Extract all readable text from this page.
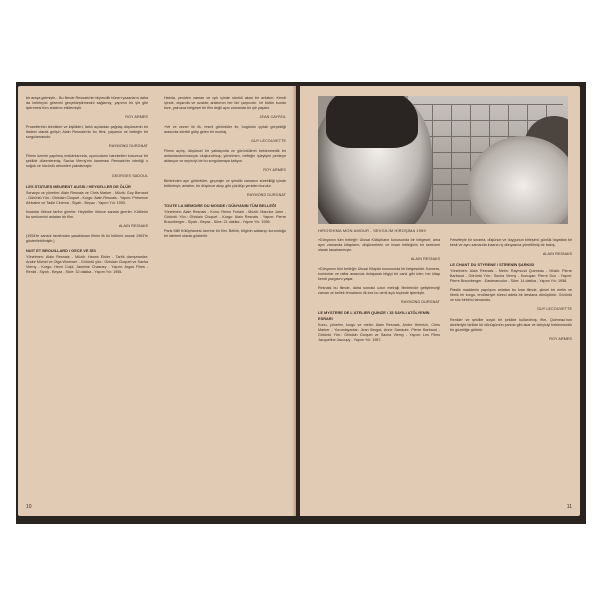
bir araya gelmiştir... Bu filmde Resnais'nin biçimcilik hüneri yazarların daha da belirleyici görevini gerçekleştirmesini sağlamış, yapının bir şiir gibi işlenmesi tüm anlatımı etkilemiştir.

ROY ARMES

Prosetlerinin teknikleri ve kişilikleri, farklı açılardan çağdaş düşüncenin bir ifadesi olarak gelişir; Alain Resnais'nin bu filmi, yaşamın ve belleğin bir sorgulamasıdır.

RAYMOND DURGNAT

Filmin özenle yapılmış mekânlarında, oyuncuların hareketleri kusursuz bir şekilde düzenlenmiş; Sacha Vierny'nin kamerası Resnais'nin istediği o soğuk ve hüzünlü atmosferi yakalamıştır.

GEORGES SADOUL
LES STATUES MEURENT AUSSI / HEYKELLER DE ÖLÜR

Senaryo ve yönetim: Alain Resnais ve Chris Marker - Müzik: Guy Bernard - Görüntü Yön.: Ghislain Cloquet - Kurgu: Alain Resnais - Yapım: Présence Africaine ve Tadié Cinéma - Siyah - Beyaz - Yapım Yılı: 1953.

İnsanlar ölünce tarihe girerler. Heykeller ölünce sanata girerler. Kültürün bu serüvenini anlatan bir film.

ALAIN RESNAIS

(1954'te sansür tarafından yasaklanan filmin ilk iki bölümü ancak 1963'te gösterilebilmiştir.)

NUIT ET BROUILLARD / GECE VE SİS

Yönetmen: Alain Resnais - Müzik: Hanns Eisler - Tarihi danışmanlar: Andre Michel ve Olga Wormser - Görüntü yön.: Ghislain Cloquet ve Sacha Vierny - Kurgu: Henri Colpi, Jasmine Chasney - Yapım: Argos Films - Renkli - Siyah - Beyaz - Süre: 32 dakika - Yapım Yılı: 1955.

Hatırla, yeniden zaman ve ışık içinde sürekli akan bir anlatım; Kendi içinde, dışarıda ve uzakta; anlatımın her biri çarpıcıdır. Ve bütün bunlar bize, yalnızca belgesel bir film değil aynı zamanda bir şiir yaşatır.

JEAN CAYROL

«Ve ve ceza» ile ilk, resmi görüntüler ile, bugünün çıplak gerçekliği arasında sürekli gidip gelen bir montaj.

GUY LECOUVETTE

Filmin açılış, düşünsel bir yaklaşımla ve görüntülerin beklenmedik bir anlamlandırılmasıyla oluşturulmuş; yönetmen, belleğin işleyişini perdeye aktarıyor ve seyirciyi de bu sorgulamaya katıyor.

ROY ARMES

Birbirinden ayrı görüntüler, geçmişin ve şimdiki zamanın sürekliliği içinde bütünleşir; anlatım, bir düşünce akışı gibi çözülüp yeniden kurulur.

RAYMOND DURGNAT
TOUTE LA MEMOIRE DU MONDE / DÜNYANIN TÜM BELLEĞİ

Yönetmen: Alain Resnais - Konu: Remo Forlani - Müzik: Maurice Jarre - Görüntü Yön.: Ghislain Cloquet - Kurgu: Alain Resnais - Yapım: Pierre Braunberger - Siyah - Beyaz - Süre: 21 dakika - Yapım Yılı: 1956.

Paris Milli Kütüphanesi üzerine bir film. Bellek, bilginin saklanıp korunduğu bir labirent olarak gösterilir.

10
HIROSHIMA MON AMOUR - SEVGİLİM HİROŞİMA 1959

«Dünyanın tüm belleği» Ulusal Kütüphane konusunda bir belgesel; ama aynı zamanda kitapların, düşüncelerin ve insan belleğinin bir serüveni olarak tasarlanmıştır.

ALAIN RESNAIS

«Dünyanın tüm belleği» Ulusal Kitaplık konusunda bir belgeseldir. Kamera, koridorlar ve raflar arasında dolaşarak bilgiyi bir canlı gibi izler; her kitap kendi yazgısını yaşar.

Resnais bu filmde, daha sonraki uzun metrajlı filmlerinde geliştireceği zaman ve bellek temalarını ilk kez bu denli açık biçimde işlemiştir.

RAYMOND DURGNAT
LE MYSTERE DE L'ATELIER QUINZE / 15 SAYILI ATÖLYENİN ESRARI

Konu, yönetim, kurgu ve metin: Alain Resnais, Andre Heinrich, Chris Marker - Yorumlayanlar: Jean Brugot, Anne Sarraute, Pierre Barbaud - Görüntü Yön.: Ghislain Cloquet ve Sacha Vierny - Yapım: Les Films Jacqueline Jacoupy - Yapım Yılı: 1957.

Felsefeyle bir sınama, düşünce ve duygunun birleşimi; günlük hayattan bir kesit ve aynı zamanda insanın iç dünyasına yöneltilmiş bir bakış.

ALAIN RESNAIS
LE CHANT DU STYRENE / STİRENİN ŞARKISI

Yönetmen: Alain Resnais - Metin: Raymond Queneau - Müzik: Pierre Barbaud - Görüntü Yön.: Sacha Vierny - Konuşan: Pierre Dux - Yapım: Pierre Braunberger - Eastmancolor - Süre: 14 dakika - Yapım Yılı: 1958.

Plastik maddenin yapılışını anlatan bu kısa filmde, şiirsel bir metin ve ritmik bir kurgu, endüstriyel süreci adeta bir destana dönüştürür. Görüntü ve söz birbirini tamamlar.

GUY LECOUVETTE

Renkler ve şekiller soyut bir şekilde kullanılmış; film, Queneau'nun dizeleriyle birlikte bir dönüşümün şarkısı gibi akar ve izleyiciyi beklenmedik bir güzelliğe götürür.

ROY ARMES
11
